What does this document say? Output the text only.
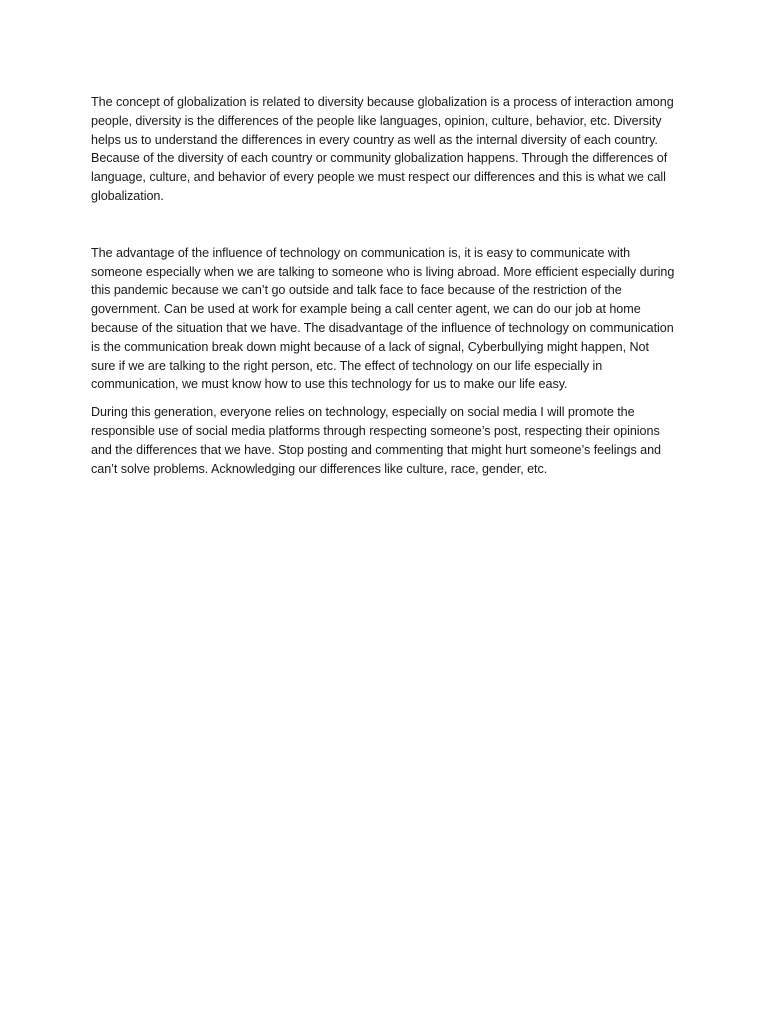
The concept of globalization is related to diversity because globalization is a process of interaction among people, diversity is the differences of the people like languages, opinion, culture, behavior, etc. Diversity helps us to understand the differences in every country as well as the internal diversity of each country. Because of the diversity of each country or community globalization happens. Through the differences of language, culture, and behavior of every people we must respect our differences and this is what we call globalization.

The advantage of the influence of technology on communication is, it is easy to communicate with someone especially when we are talking to someone who is living abroad. More efficient especially during this pandemic because we can’t go outside and talk face to face because of the restriction of the government. Can be used at work for example being a call center agent, we can do our job at home because of the situation that we have. The disadvantage of the influence of technology on communication is the communication break down might because of a lack of signal, Cyberbullying might happen, Not sure if we are talking to the right person, etc. The effect of technology on our life especially in communication, we must know how to use this technology for us to make our life easy.

During this generation, everyone relies on technology, especially on social media I will promote the responsible use of social media platforms through respecting someone’s post, respecting their opinions and the differences that we have. Stop posting and commenting that might hurt someone’s feelings and can’t solve problems. Acknowledging our differences like culture, race, gender, etc.
